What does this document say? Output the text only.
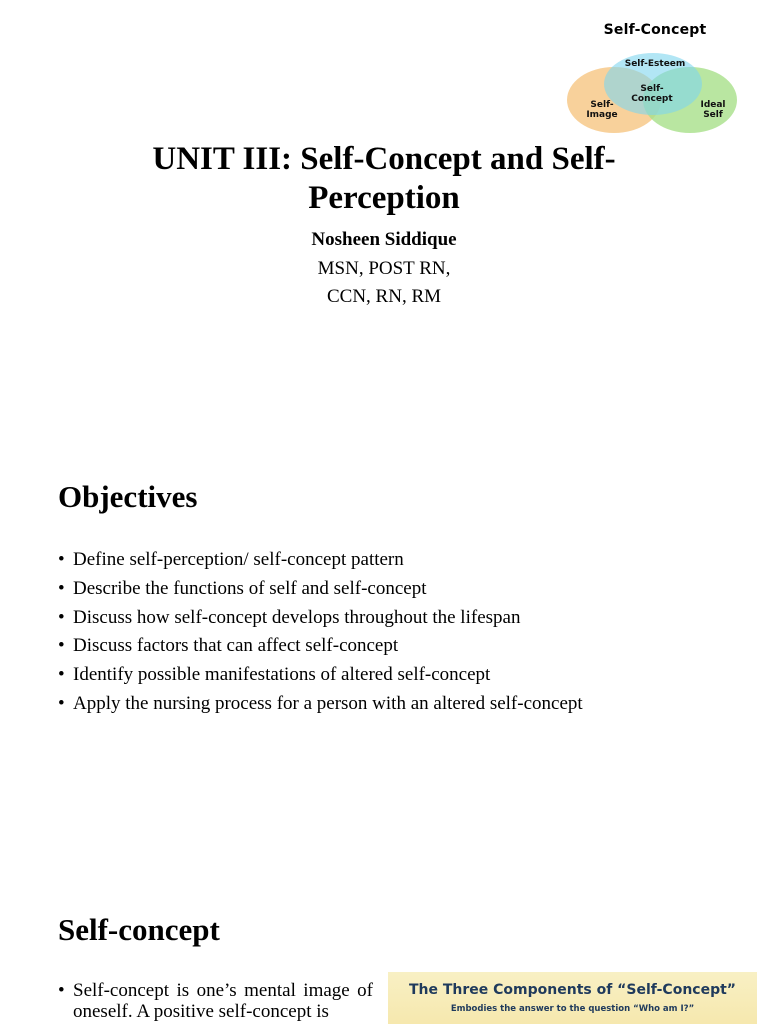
Self-Concept
Self-Esteem
Self-
Concept
Self-
Image
Ideal
Self
UNIT III: Self-Concept and Self-
Perception
Nosheen Siddique
MSN, POST RN,
CCN, RN, RM
Objectives
• Define self-perception/ self-concept pattern
• Describe the functions of self and self-concept
• Discuss how self-concept develops throughout the lifespan
• Discuss factors that can affect self-concept
• Identify possible manifestations of altered self-concept
• Apply the nursing process for a person with an altered self-concept
Self-concept
• Self-concept is one’s mental image of oneself. A positive self-concept is
The Three Components of “Self-Concept”
Embodies the answer to the question “Who am I?”
